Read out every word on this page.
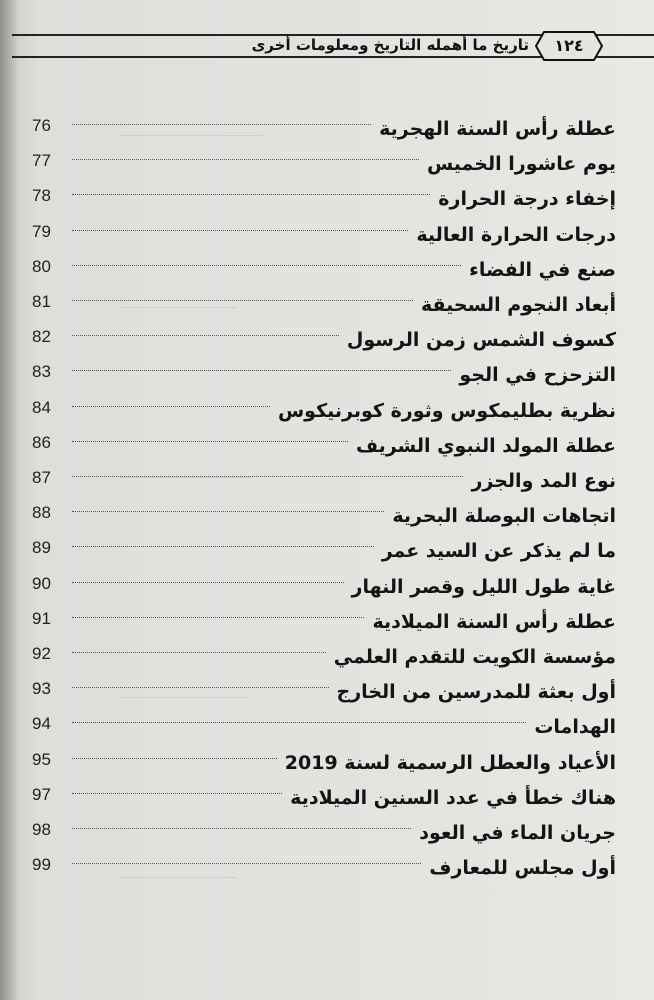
―――――――――――
―――――――――
――――――――――
――――――――――
―――――――――
تاريخ ما أهمله التاريخ ومعلومات أخرى	١٢٤
76	عطلة رأس السنة الهجرية
77	يوم عاشورا الخميس
78	إخفاء درجة الحرارة
79	درجات الحرارة العالية
80	صنع في الفضاء
81	أبعاد النجوم السحيقة
82	كسوف الشمس زمن الرسول
83	التزحزح في الجو
84	نظرية بطليمكوس وثورة كوبرنيكوس
86	عطلة المولد النبوي الشريف
87	نوع المد والجزر
88	اتجاهات البوصلة البحرية
89	ما لم يذكر عن السيد عمر
90	غاية طول الليل وقصر النهار
91	عطلة رأس السنة الميلادية
92	مؤسسة الكويت للتقدم العلمي
93	أول بعثة للمدرسين من الخارج
94	الهدامات
95	الأعياد والعطل الرسمية لسنة 2019
97	هناك خطأ في عدد السنين الميلادية
98	جريان الماء في العود
99	أول مجلس للمعارف
